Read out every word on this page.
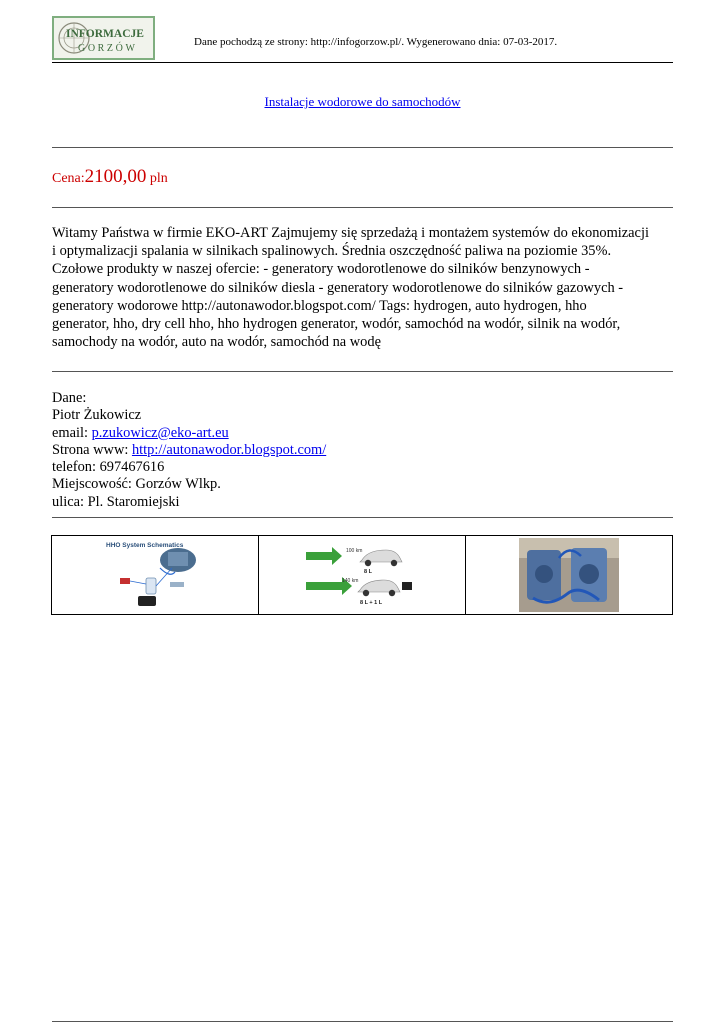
INFORMACJE
GORZÓW
Dane pochodzą ze strony: http://infogorzow.pl/. Wygenerowano dnia: 07-03-2017.
Instalacje wodorowe do samochodów
Cena:2100,00 pln

Witamy Państwa w firmie EKO-ART Zajmujemy się sprzedażą i montażem systemów do ekonomizacji
i optymalizacji spalania w silnikach spalinowych. Średnia oszczędność paliwa na poziomie 35%.
Czołowe produkty w naszej ofercie: - generatory wodorotlenowe do silników benzynowych -
generatory wodorotlenowe do silników diesla - generatory wodorotlenowe do silników gazowych -
generatory wodorowe http://autonawodor.blogspot.com/ Tags: hydrogen, auto hydrogen, hho
generator, hho, dry cell hho, hho hydrogen generator, wodór, samochód na wodór, silnik na wodór,
samochody na wodór, auto na wodór, samochód na wodę

Dane:
Piotr Żukowicz
email: p.zukowicz@eko-art.eu
Strona www: http://autonawodor.blogspot.com/
telefon: 697467616
Miejscowość: Gorzów Wlkp.
ulica: Pl. Staromiejski
HHO System Schematics

100 km
8 L
140 km
8 L + 1 L
